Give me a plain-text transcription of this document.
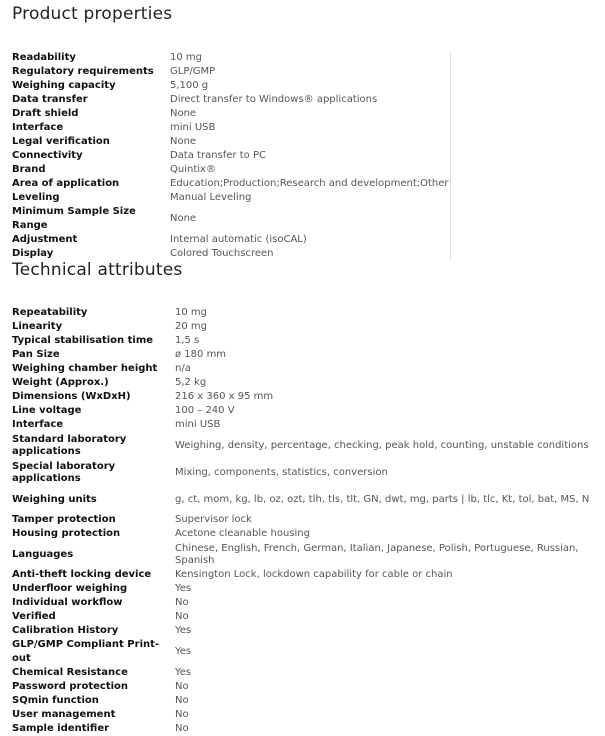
Product properties
Readability	10 mg
Regulatory requirements	GLP/GMP
Weighing capacity	5,100 g
Data transfer	Direct transfer to Windows® applications
Draft shield	None
Interface	mini USB
Legal verification	None
Connectivity	Data transfer to PC
Brand	Quintix®
Area of application	Education;Production;Research and development;Other
Leveling	Manual Leveling
Minimum Sample Size Range	None
Adjustment	Internal automatic (isoCAL)
Display	Colored Touchscreen
Technical attributes
Repeatability	10 mg
Linearity	20 mg
Typical stabilisation time	1,5 s
Pan Size	ø 180 mm
Weighing chamber height	n/a
Weight (Approx.)	5,2 kg
Dimensions (WxDxH)	216 x 360 x 95 mm
Line voltage	100 – 240 V
Interface	mini USB
Standard laboratory applications	Weighing, density, percentage, checking, peak hold, counting, unstable conditions
Special laboratory applications	Mixing, components, statistics, conversion
Weighing units	g, ct, mom, kg, lb, oz, ozt, tlh, tls, tlt, GN, dwt, mg, parts | lb, tlc, Kt, tol, bat, MS, N
Tamper protection	Supervisor lock
Housing protection	Acetone cleanable housing
Languages	Chinese, English, French, German, Italian, Japanese, Polish, Portuguese, Russian, Spanish
Anti-theft locking device	Kensington Lock, lockdown capability for cable or chain
Underfloor weighing	Yes
Individual workflow	No
Verified	No
Calibration History	Yes
GLP/GMP Compliant Print-out	Yes
Chemical Resistance	Yes
Password protection	No
SQmin function	No
User management	No
Sample identifier	No
